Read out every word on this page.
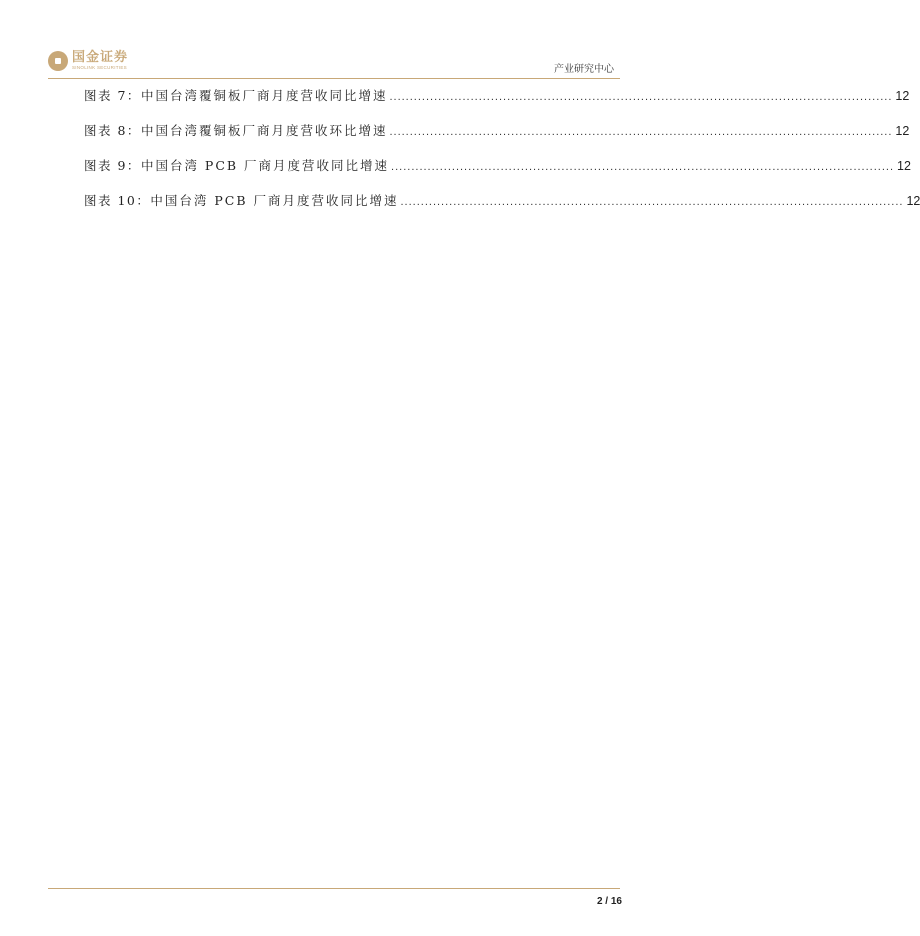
国金证券
SINOLINK SECURITIES	产业研究中心
图表 7： 中国台湾覆铜板厂商月度营收同比增速 ............................................................................................................................ 12
图表 8： 中国台湾覆铜板厂商月度营收环比增速 ............................................................................................................................ 12
图表 9： 中国台湾 PCB 厂商月度营收同比增速 ............................................................................................................................ 12
图表 10： 中国台湾 PCB 厂商月度营收同比增速 ............................................................................................................................ 12
2 / 16
